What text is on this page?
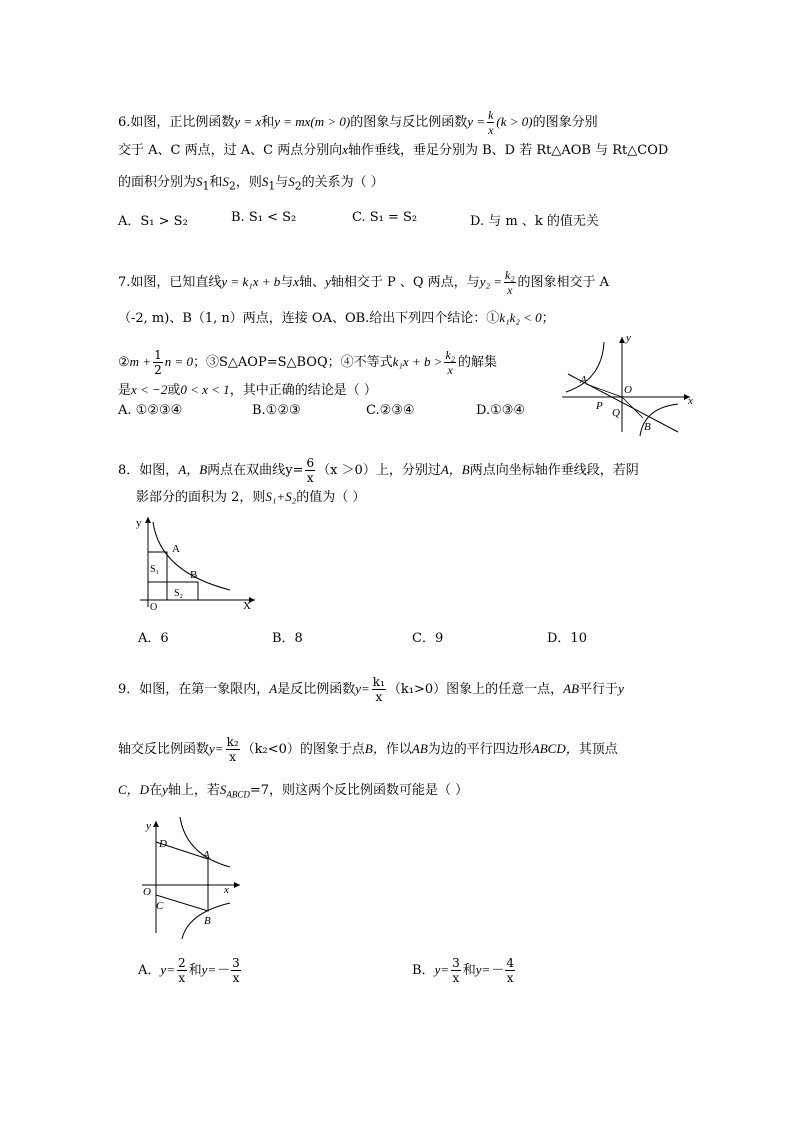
6.如图，正比例函数y = x和y = mx(m > 0)的图象与反比例函数$y = \frac{k}{x} (k > 0)$的图象分别
交于 A、C 两点，过 A、C 两点分别向x轴作垂线，垂足分别为 B、D 若 Rt△AOB 与 Rt△COD
的面积分别为$S_1$和$S_2$，则$S_1$与$S_2$的关系为（ ）
A．S₁ > S₂	B. S₁ < S₂	C. S₁ = S₂	D. 与 m 、k 的值无关
7.如图，已知直线y = k₁x + b与x轴、y轴相交于 P 、Q 两点，与$y_2 = \frac{\text{k₂}}{x}$ 的图象相交于 A
（-2, m)、B（1, n）两点，连接 OA、OB.给出下列四个结论：①k₁k₂ < 0；
②m + $\frac{1}{2}$ n = 0；③S△AOP=S△BOQ；④不等式$k_1x + b > \frac{\text{k₂}}{x}$ 的解集
是x < −2或0 < x < 1，其中正确的结论是（ ）
A. ①②③④	B.①②③	C.②③④	D.①③④
y
x
A
O
P
Q
B
8．如图，A，B两点在双曲线$y= \frac{6}{x} (x >0)$上，分别过A，B两点向坐标轴作垂线段，若阴
影部分的面积为 2，则S₁+S₂的值为（ ）
y
X
A
B
S₁
S₂
O
A．6	B．8	C．9	D．10
9．如图，在第一象限内，A是反比例函数$y= \frac{\text{k₁}}{x} (k_1>0)$图象上的任意一点，AB平行于y
轴交反比例函数$y= \frac{\text{k₂}}{x} (k_2<0)$的图象于点B，作以AB为边的平行四边形ABCD，其顶点
C，D在y轴上，若$S_{ABCD}=7$，则这两个反比例函数可能是（ ）
y
x
D
A
O
C
B
A．$y= \frac{2}{x}$ 和$y=- \frac{3}{x}$	B．$y= \frac{3}{x}$ 和$y=- \frac{4}{x}$
